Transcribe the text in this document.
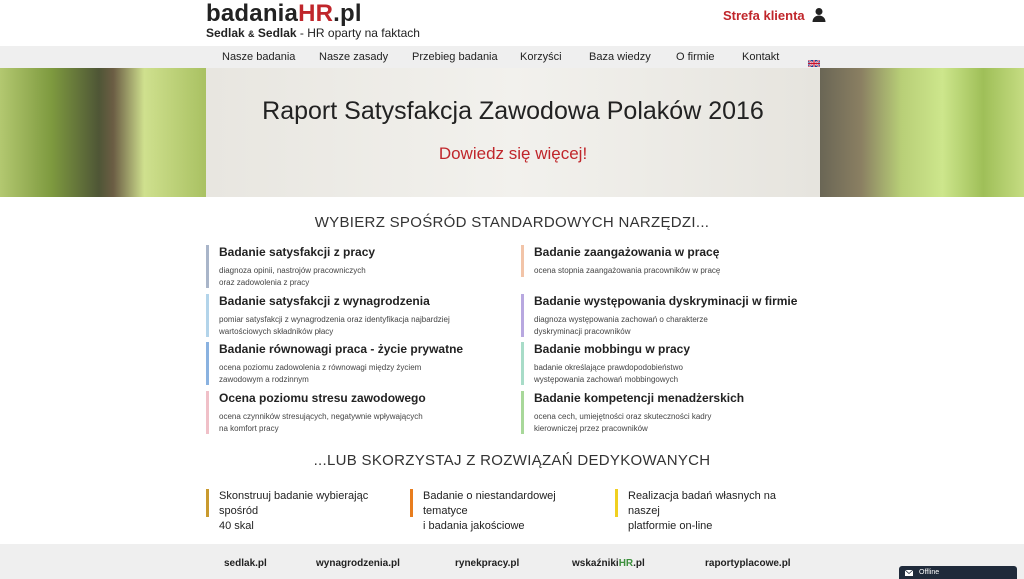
badaniaHR.pl
Sedlak & Sedlak - HR oparty na faktach
Strefa klienta
Nasze badania Nasze zasady Przebieg badania Korzyści Baza wiedzy O firmie	Kontakt
Raport Satysfakcja Zawodowa Polaków 2016
Dowiedz się więcej!
WYBIERZ SPOŚRÓD STANDARDOWYCH NARZĘDZI...
Badanie satysfakcji z pracy
diagnoza opinii, nastrojów pracowniczych
oraz zadowolenia z pracy
Badanie zaangażowania w pracę
ocena stopnia zaangażowania pracowników w pracę
Badanie satysfakcji z wynagrodzenia
pomiar satysfakcji z wynagrodzenia oraz identyfikacja najbardziej
wartościowych składników płacy
Badanie występowania dyskryminacji w firmie
diagnoza występowania zachowań o charakterze
dyskryminacji pracowników
Badanie równowagi praca - życie prywatne
ocena poziomu zadowolenia z równowagi między życiem
zawodowym a rodzinnym
Badanie mobbingu w pracy
badanie określające prawdopodobieństwo
występowania zachowań mobbingowych
Ocena poziomu stresu zawodowego
ocena czynników stresujących, negatywnie wpływających
na komfort pracy
Badanie kompetencji menadżerskich
ocena cech, umiejętności oraz skuteczności kadry
kierowniczej przez pracowników
...LUB SKORZYSTAJ Z ROZWIĄZAŃ DEDYKOWANYCH
Skonstruuj badanie wybierając spośród
40 skal
Badanie o niestandardowej tematyce
i badania jakościowe
Realizacja badań własnych na naszej
platformie on-line
sedlak.pl	wynagrodzenia.pl	rynekpracy.pl	wskaźnikiHR.pl	raportyplacowe.pl
Offline
